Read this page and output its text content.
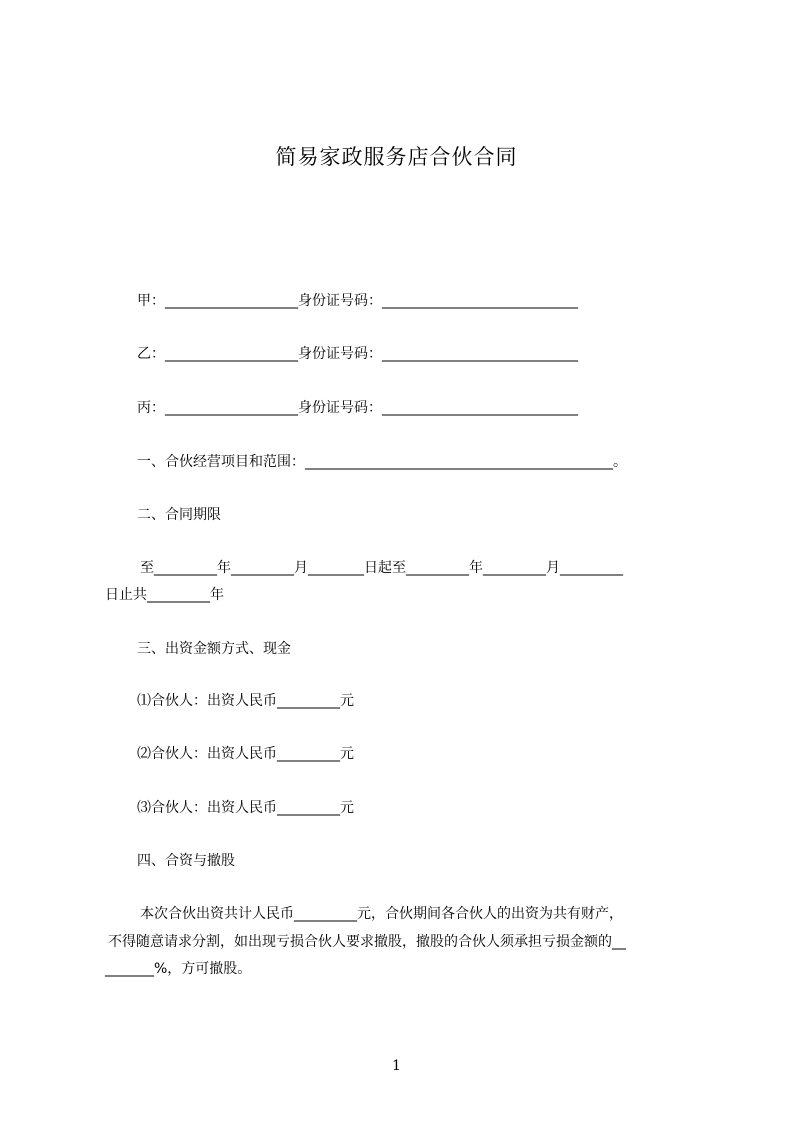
简易家政服务店合伙合同
甲：___________________身份证号码：____________________________
乙：___________________身份证号码：____________________________
丙：___________________身份证号码：____________________________
一、合伙经营项目和范围：____________________________________________。
二、合同期限
至_________年_________月________日起至_________年_________月_________
日止共_________年
三、出资金额方式、现金
⑴合伙人：出资人民币_________元
⑵合伙人：出资人民币_________元
⑶合伙人：出资人民币_________元
四、合资与撤股
本次合伙出资共计人民币_________元，合伙期间各合伙人的出资为共有财产，
不得随意请求分割，如出现亏损合伙人要求撤股，撤股的合伙人须承担亏损金额的__
_______%，方可撤股。
1
